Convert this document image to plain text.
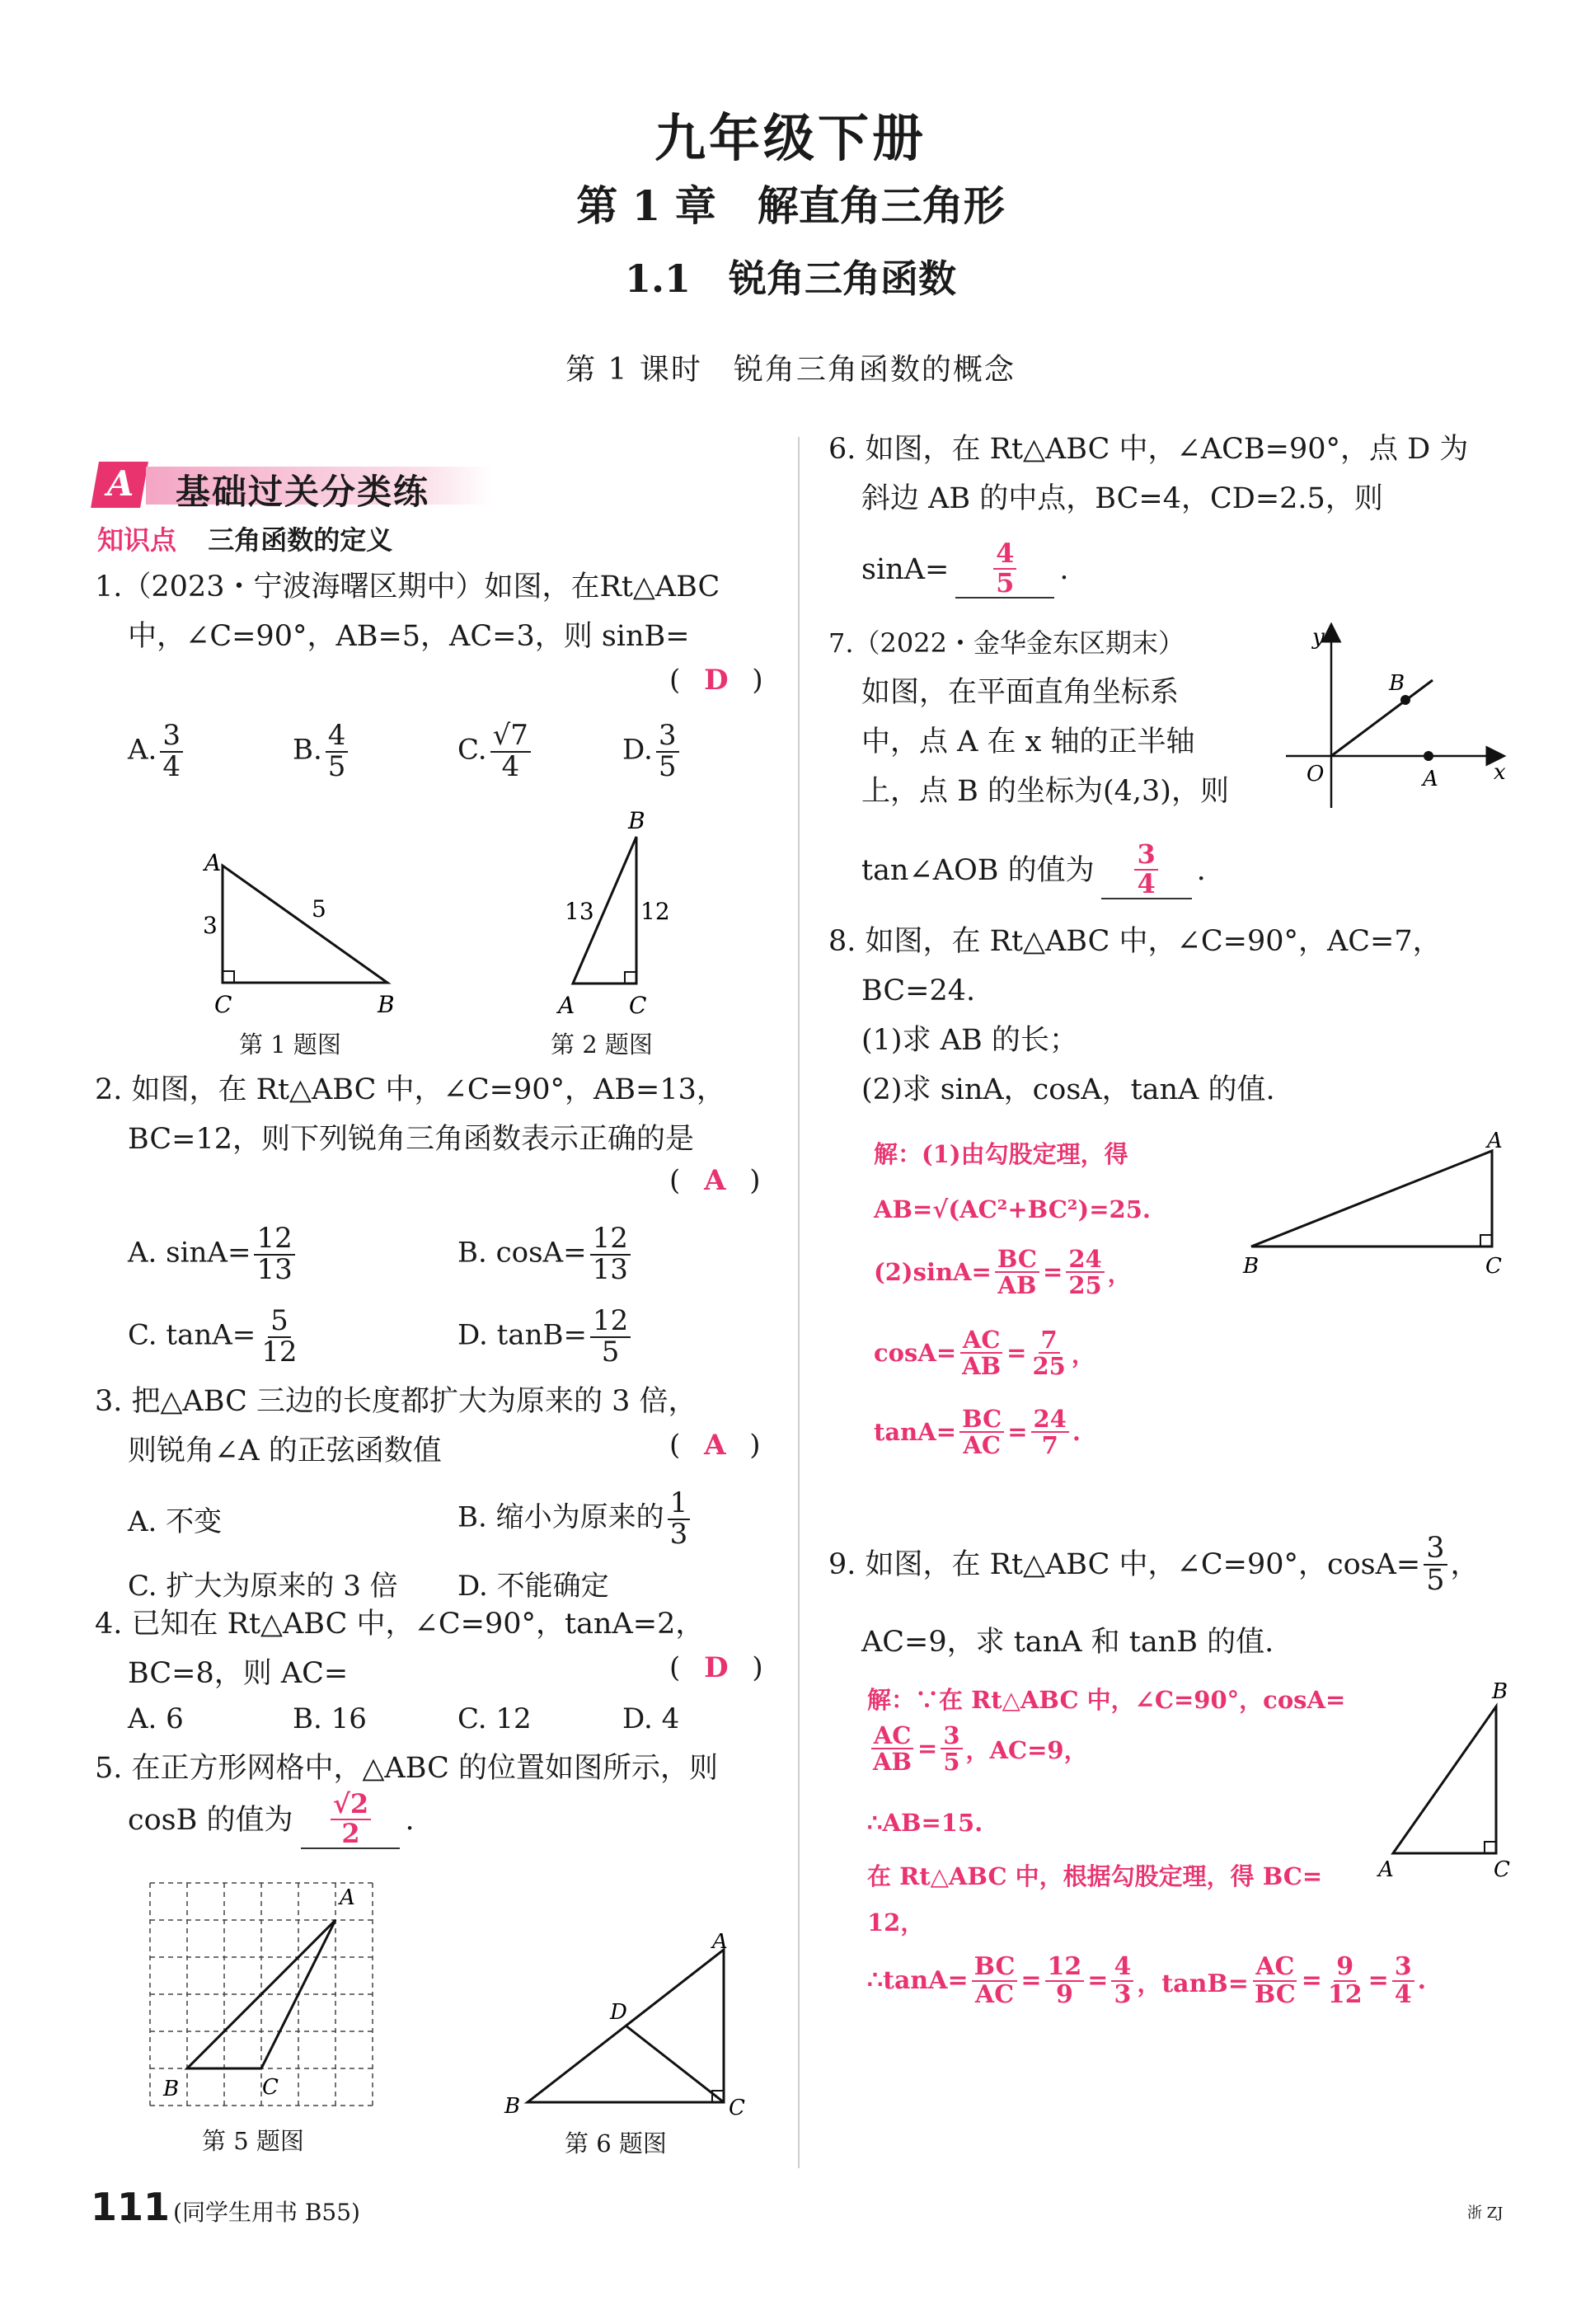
九年级下册
第 1 章　解直角三角形
1.1　锐角三角函数
第 1 课时　锐角三角函数的概念
A 基础过关分类练
知识点 三角函数的定义
1.（2023・宁波海曙区期中）如图，在Rt△ABC
中，∠C=90°，AB=5，AC=3，则 sinB=
( D )
A. $\frac{3}{4}$	B. $\frac{4}{5}$	C. $\frac{√7}{4}$	D. $\frac{3}{5}$
A
C	B
3
5
第 1 题图
B
A C
13 12
第 2 题图
2. 如图，在 Rt△ABC 中，∠C=90°，AB=13，
BC=12，则下列锐角三角函数表示正确的是
( A )
A. $\sin A= \frac{12}{13}$	B. $\cos A= \frac{12}{13}$
C. $\tan A= \frac{5}{12}$	D. $\tan B= \frac{12}{5}$
3. 把△ABC 三边的长度都扩大为原来的 3 倍，
则锐角∠A 的正弦函数值	( A )
A. 不变	B. 缩小为原来的 $\frac{1}{3}$
C. 扩大为原来的 3 倍	D. 不能确定
4. 已知在 Rt△ABC 中，∠C=90°，tanA=2，
BC=8，则 AC=	( D )
A. 6	B. 16	C. 12	D. 4
5. 在正方形网格中，△ABC 的位置如图所示，则
cosB 的值为 $\frac{√2}{2}$ .
A
B	C
第 5 题图
A
B	C
D
第 6 题图
6. 如图，在 Rt△ABC 中，∠ACB=90°，点 D 为
斜边 AB 的中点，BC=4，CD=2.5，则
$\sin A= \frac{4}{5}$ .
7.（2022・金华金东区期末）
如图，在平面直角坐标系
中，点 A 在 x 轴的正半轴
上，点 B 的坐标为(4,3)，则
tan∠AOB 的值为 $\frac{3}{4}$ .
y
x
O	A
B
8. 如图，在 Rt△ABC 中，∠C=90°，AC=7，
BC=24.
(1)求 AB 的长；
(2)求 sinA，cosA，tanA 的值.
解：(1)由勾股定理，得
AB=√(AC²+BC²)=25.
$(2)\sin A= \frac{BC}{AB} = \frac{24}{25}$ ，
$\cos A= \frac{AC}{AB} = \frac{7}{25}$ ，
$\tan A= \frac{BC}{AC} = \frac{24}{7}$ .
A
B	C
9. 如图，在 Rt△ABC 中，∠C=90°，$\cos A= \frac{3}{5}$ ，
AC=9，求 tanA 和 tanB 的值.
解：∵在 Rt△ABC 中，∠C=90°，cosA=
$\frac{AC}{AB} = \frac{3}{5}$ ，AC=9，
∴AB=15.
在 Rt△ABC 中，根据勾股定理，得 BC=
12，
∴tanA= $\frac{BC}{AC} = \frac{12}{9} = \frac{4}{3}$ ，$\tan B= \frac{AC}{BC} = \frac{9}{12} = \frac{3}{4}$ .
B
A	C
111 (同学生用书 B55)	浙 ZJ
